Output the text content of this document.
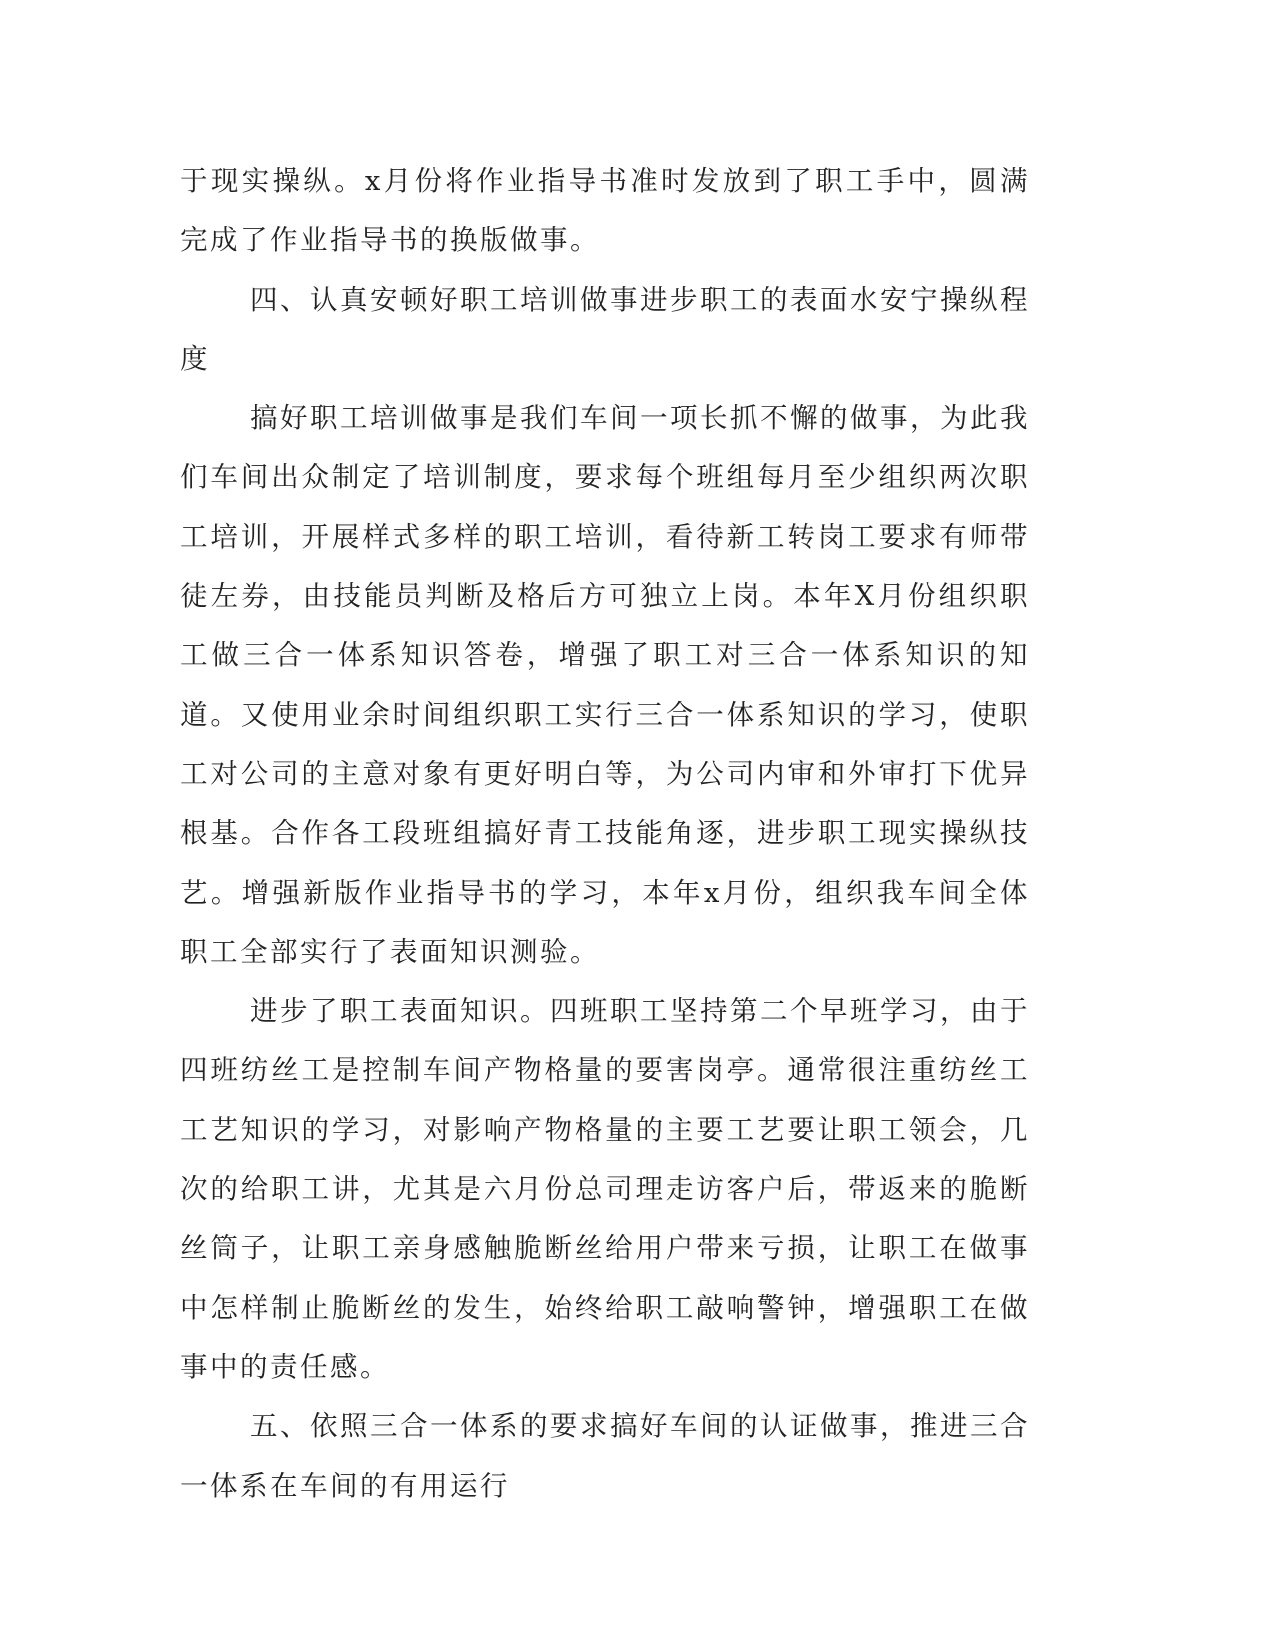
于现实操纵。x月份将作业指导书准时发放到了职工手中，圆满完成了作业指导书的换版做事。

四、认真安顿好职工培训做事进步职工的表面水安宁操纵程度

搞好职工培训做事是我们车间一项长抓不懈的做事，为此我们车间出众制定了培训制度，要求每个班组每月至少组织两次职工培训，开展样式多样的职工培训，看待新工转岗工要求有师带徒左券，由技能员判断及格后方可独立上岗。本年X月份组织职工做三合一体系知识答卷，增强了职工对三合一体系知识的知道。又使用业余时间组织职工实行三合一体系知识的学习，使职工对公司的主意对象有更好明白等，为公司内审和外审打下优异根基。合作各工段班组搞好青工技能角逐，进步职工现实操纵技艺。增强新版作业指导书的学习，本年x月份，组织我车间全体职工全部实行了表面知识测验。

进步了职工表面知识。四班职工坚持第二个早班学习，由于四班纺丝工是控制车间产物格量的要害岗亭。通常很注重纺丝工工艺知识的学习，对影响产物格量的主要工艺要让职工领会，几次的给职工讲，尤其是六月份总司理走访客户后，带返来的脆断丝筒子，让职工亲身感触脆断丝给用户带来亏损，让职工在做事中怎样制止脆断丝的发生，始终给职工敲响警钟，增强职工在做事中的责任感。

五、依照三合一体系的要求搞好车间的认证做事，推进三合一体系在车间的有用运行
